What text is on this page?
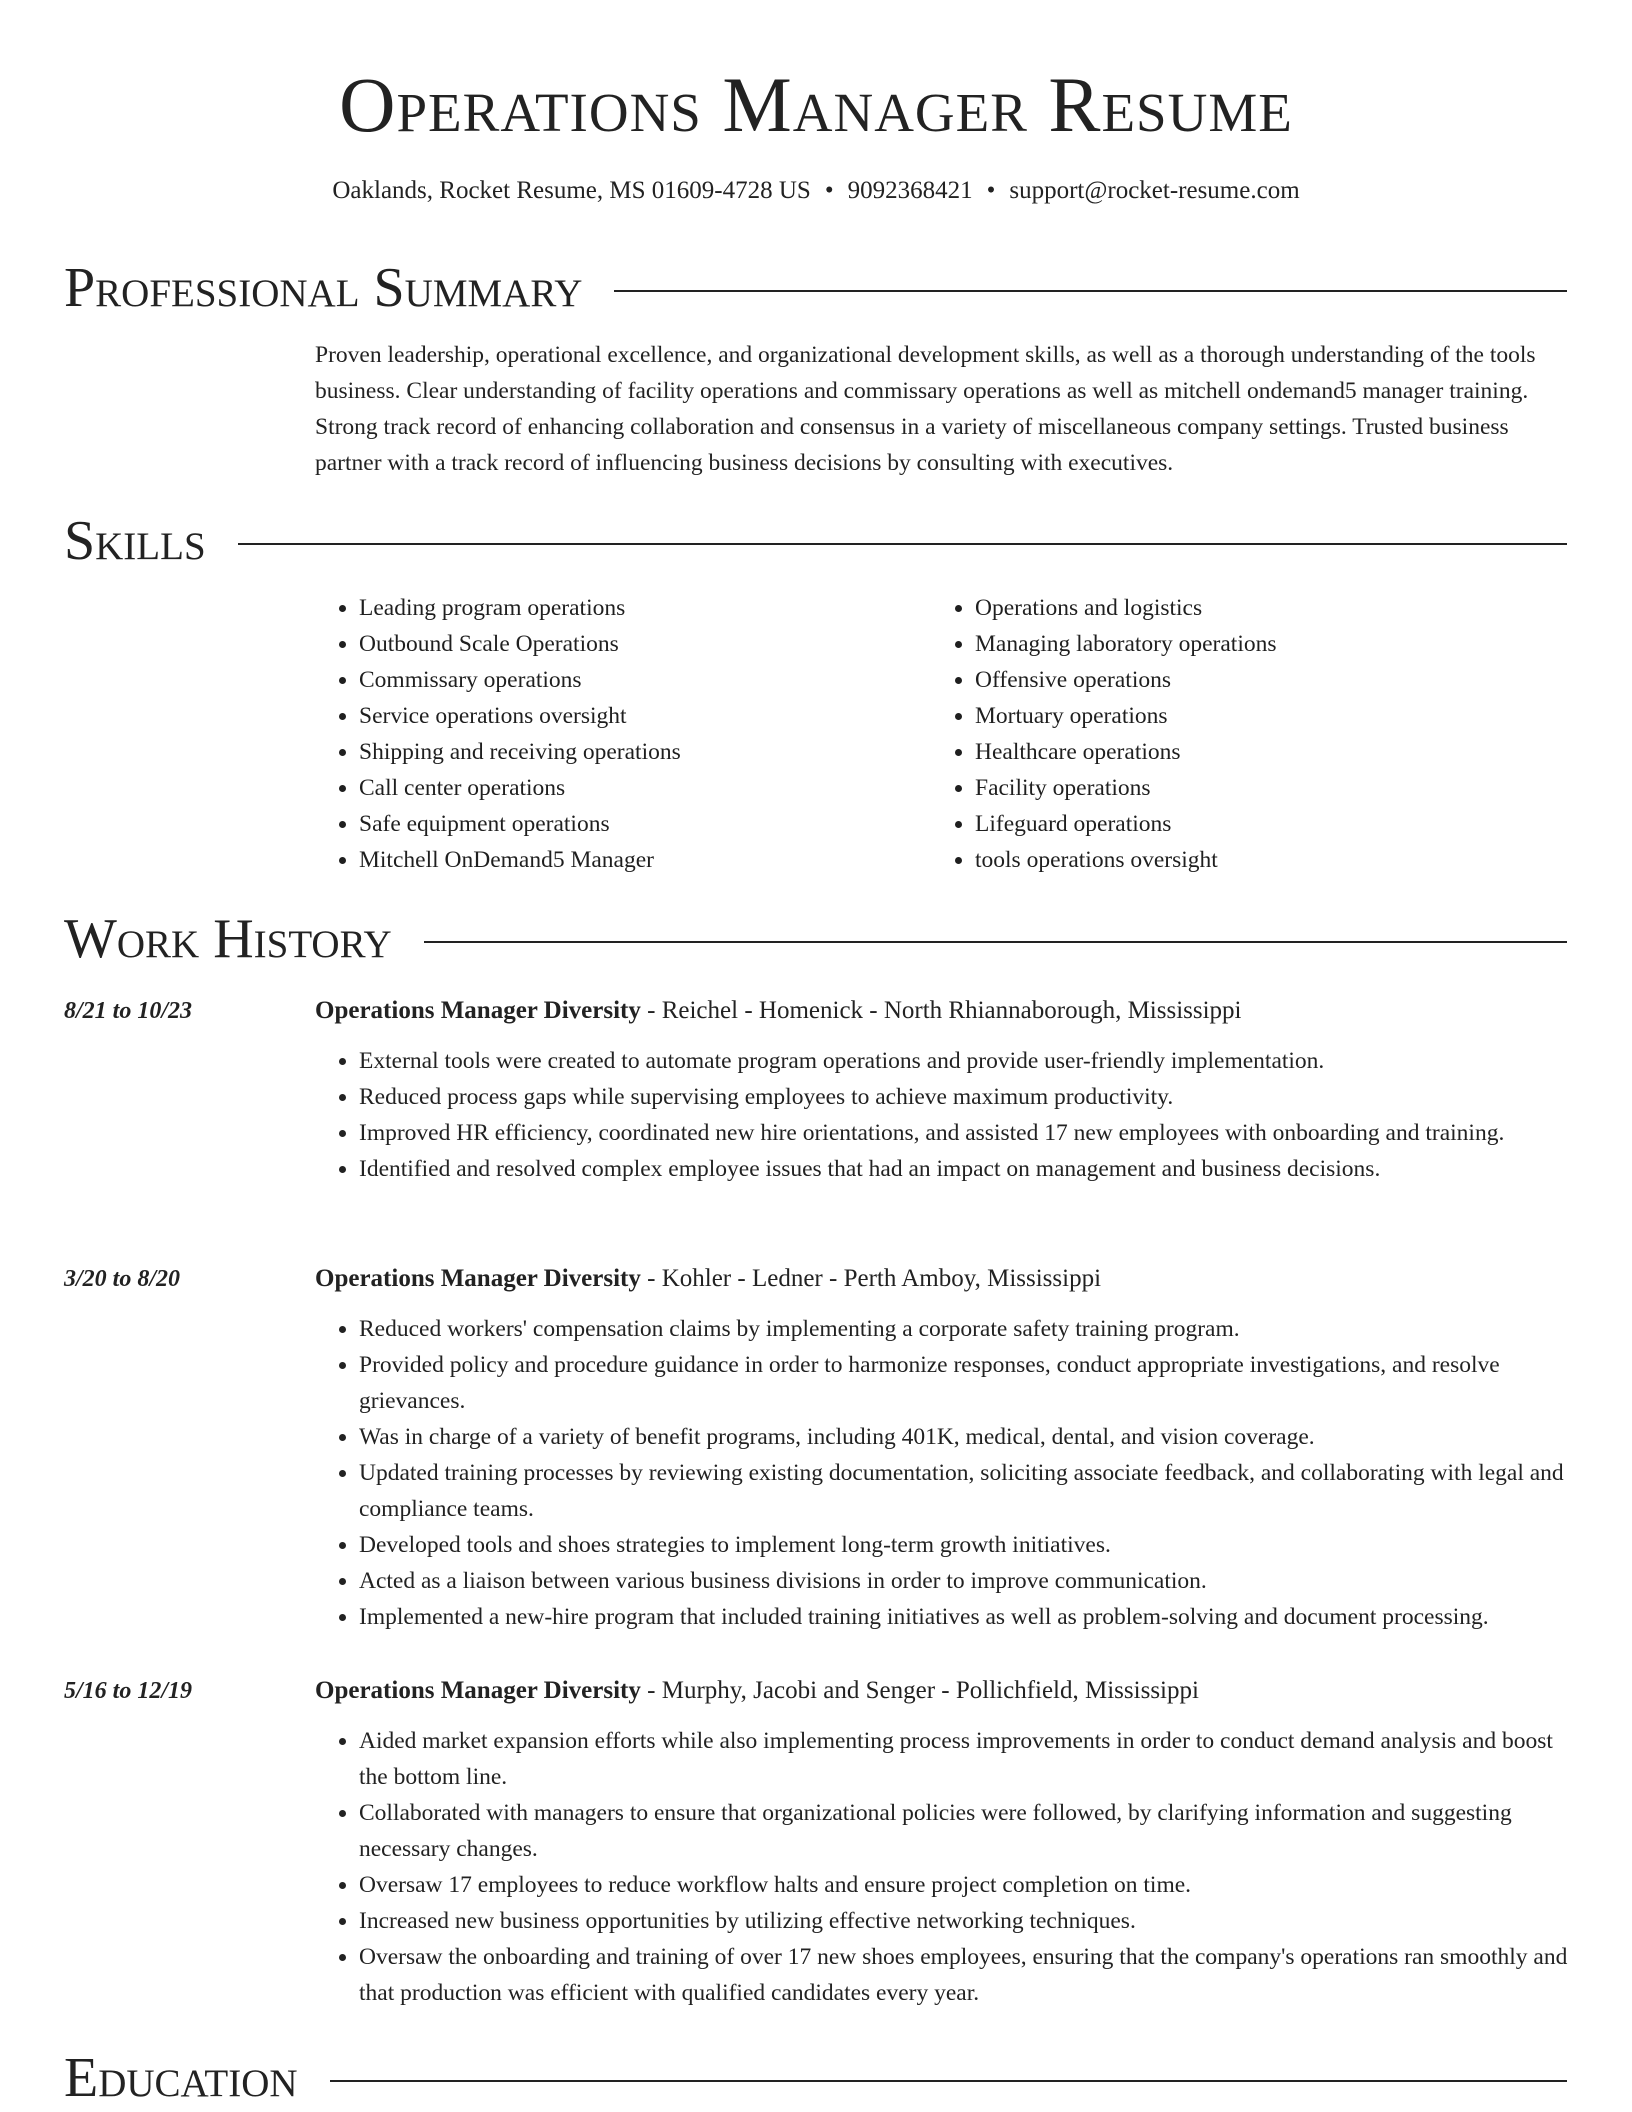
Operations Manager Resume
Oaklands, Rocket Resume, MS 01609-4728 US • 9092368421 • support@rocket-resume.com
Professional Summary
Proven leadership, operational excellence, and organizational development skills, as well as a thorough understanding of the tools business. Clear understanding of facility operations and commissary operations as well as mitchell ondemand5 manager training. Strong track record of enhancing collaboration and consensus in a variety of miscellaneous company settings. Trusted business partner with a track record of influencing business decisions by consulting with executives.
Skills
• Leading program operations
• Outbound Scale Operations
• Commissary operations
• Service operations oversight
• Shipping and receiving operations
• Call center operations
• Safe equipment operations
• Mitchell OnDemand5 Manager
• Operations and logistics
• Managing laboratory operations
• Offensive operations
• Mortuary operations
• Healthcare operations
• Facility operations
• Lifeguard operations
• tools operations oversight
Work History
8/21 to 10/23	Operations Manager Diversity - Reichel - Homenick - North Rhiannaborough, Mississippi
• External tools were created to automate program operations and provide user-friendly implementation.
• Reduced process gaps while supervising employees to achieve maximum productivity.
• Improved HR efficiency, coordinated new hire orientations, and assisted 17 new employees with onboarding and training.
• Identified and resolved complex employee issues that had an impact on management and business decisions.
3/20 to 8/20	Operations Manager Diversity - Kohler - Ledner - Perth Amboy, Mississippi
• Reduced workers' compensation claims by implementing a corporate safety training program.
• Provided policy and procedure guidance in order to harmonize responses, conduct appropriate investigations, and resolve grievances.
• Was in charge of a variety of benefit programs, including 401K, medical, dental, and vision coverage.
• Updated training processes by reviewing existing documentation, soliciting associate feedback, and collaborating with legal and compliance teams.
• Developed tools and shoes strategies to implement long-term growth initiatives.
• Acted as a liaison between various business divisions in order to improve communication.
• Implemented a new-hire program that included training initiatives as well as problem-solving and document processing.
5/16 to 12/19	Operations Manager Diversity - Murphy, Jacobi and Senger - Pollichfield, Mississippi
• Aided market expansion efforts while also implementing process improvements in order to conduct demand analysis and boost the bottom line.
• Collaborated with managers to ensure that organizational policies were followed, by clarifying information and suggesting necessary changes.
• Oversaw 17 employees to reduce workflow halts and ensure project completion on time.
• Increased new business opportunities by utilizing effective networking techniques.
• Oversaw the onboarding and training of over 17 new shoes employees, ensuring that the company's operations ran smoothly and that production was efficient with qualified candidates every year.
Education
